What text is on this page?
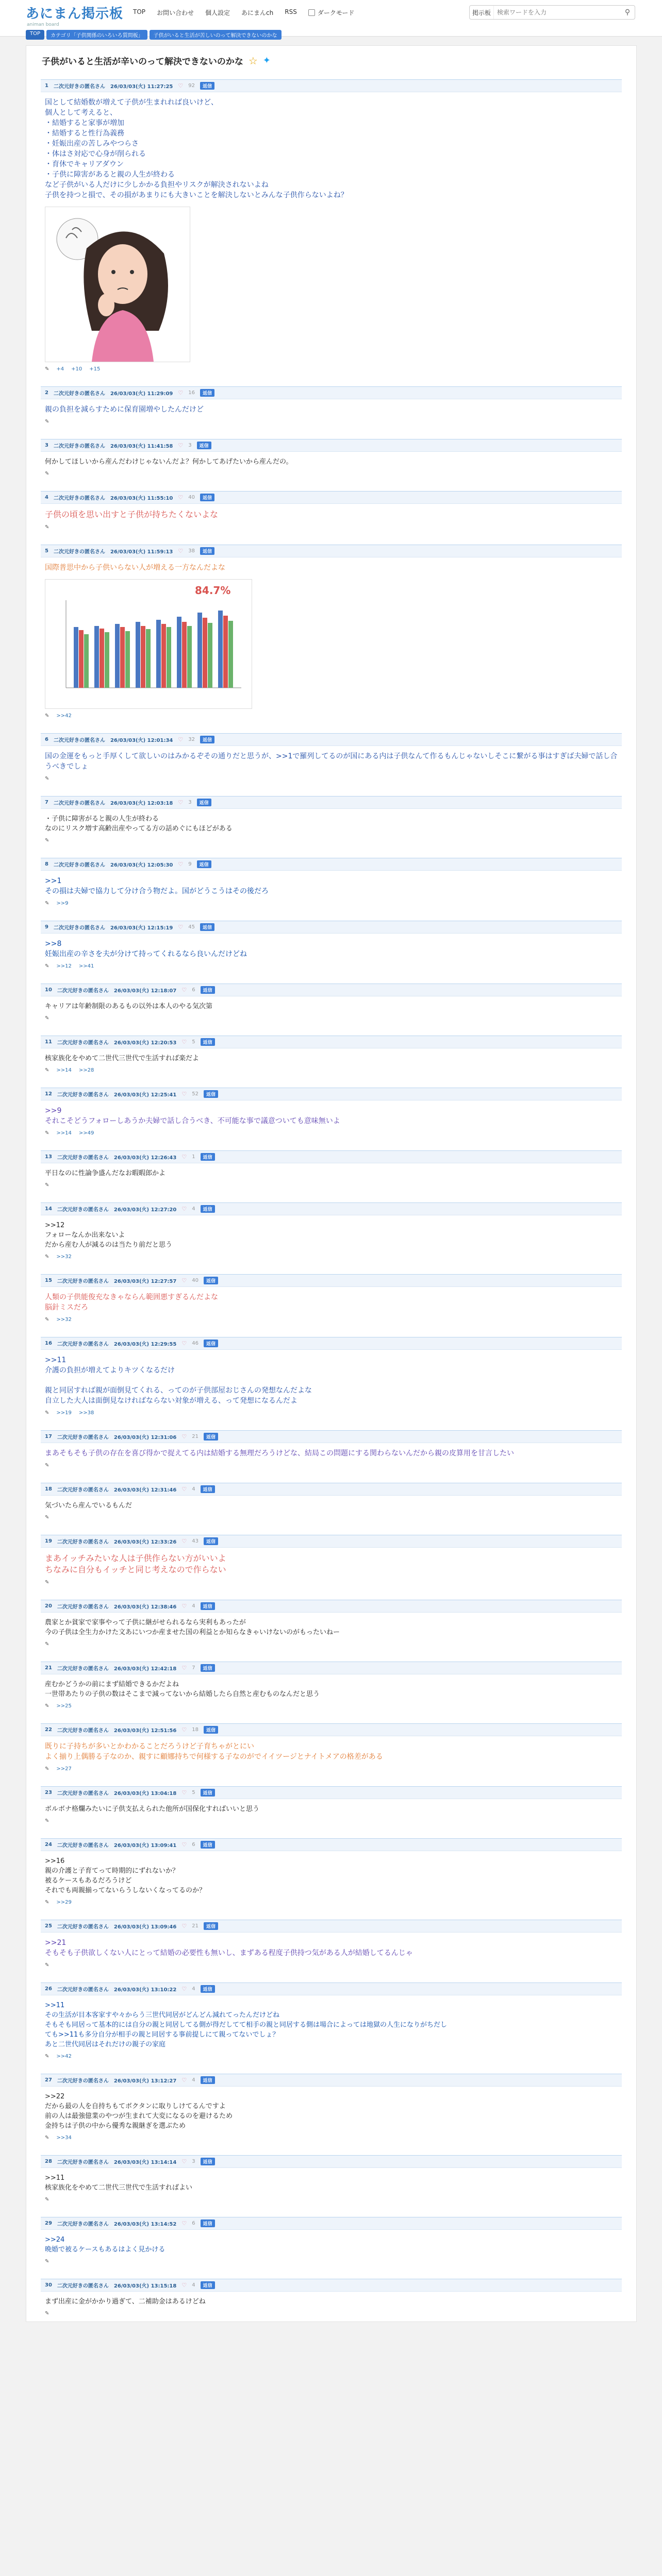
あにまん掲示板
animan board
TOP お問い合わせ 個人設定 あにまんch RSS	ダークモード	掲示板
検索ワードを入力	⚲
TOP	カテゴリ「子供関係のいろいろ質問板」	子供がいると生活が苦しいのって解決できないのかな
子供がいると生活が辛いのって解決できないのかな ☆ ✦
1 二次元好きの匿名さん 26/03/03(火) 11:27:25 ♡ 92	返信
国として結婚数が増えて子供が生まれれば良いけど、
個人として考えると、
・結婚すると家事が増加
・結婚すると性行為義務
・妊娠出産の苦しみやつらさ
・体はさ対応で心身が削られる
・育休でキャリアダウン
・子供に障害があると親の人生が終わる
など子供がいる人だけに少しかかる負担やリスクが解決されないよね
子供を持つと損で、その損があまりにも大きいことを解決しないとみんな子供作らないよね？
✎ +4 +10 +15
2 二次元好きの匿名さん 26/03/03(火) 11:29:09 ♡ 16	返信
親の負担を減らすために保育園増やしたんだけど
✎
3 二次元好きの匿名さん 26/03/03(火) 11:41:58 ♡ 3	返信
何かしてほしいから産んだわけじゃないんだよ？何かしてあげたいから産んだの。
✎
4 二次元好きの匿名さん 26/03/03(火) 11:55:10 ♡ 40	返信
子供の頃を思い出すと子供が持ちたくないよな
✎
5 二次元好きの匿名さん 26/03/03(火) 11:59:13 ♡ 38	返信
国際普思中から子供いらない人が増える一方なんだよな
84.7%
✎ >>42
6 二次元好きの匿名さん 26/03/03(火) 12:01:34 ♡ 32	返信
国の金運をもっと手厚くして欲しいのはみかるぞその通りだと思うが、>>1で羅列してるのが国にある内は子供なんて作るもんじゃないしそこに繋がる事はすぎば夫婦で話し合うべきでしょ
✎
7 二次元好きの匿名さん 26/03/03(火) 12:03:18 ♡ 3	返信
・子供に障害がると親の人生が終わる
なのにリスク増す高齢出産やってる方の話めぐにもほどがある
✎
8 二次元好きの匿名さん 26/03/03(火) 12:05:30 ♡ 9	返信
>>1
その損は夫婦で協力して分け合う物だよ。国がどうこうはその後だろ
✎ >>9
9 二次元好きの匿名さん 26/03/03(火) 12:15:19 ♡ 45	返信
>>8
妊娠出産の辛さを夫が分けて持ってくれるなら良いんだけどね
✎ >>12 >>41
10 二次元好きの匿名さん 26/03/03(火) 12:18:07 ♡ 6	返信
キャリアは年齢制限のあるもの以外は本人のやる気次第
✎
11 二次元好きの匿名さん 26/03/03(火) 12:20:53 ♡ 5	返信
核家族化をやめて二世代三世代で生活すれば楽だよ
✎ >>14 >>28
12 二次元好きの匿名さん 26/03/03(火) 12:25:41 ♡ 52	返信
>>9
それこそどうフォローしあうか夫婦で話し合うべき、不可能な事で議意ついても意味無いよ
✎ >>14 >>49
13 二次元好きの匿名さん 26/03/03(火) 12:26:43 ♡ 1	返信
平日なのに性論争盛んだなお暇暇郎かよ
✎
14 二次元好きの匿名さん 26/03/03(火) 12:27:20 ♡ 4	返信
>>12
フォローなんか出来ないよ
だから産む人が減るのは当たり前だと思う
✎ >>32
15 二次元好きの匿名さん 26/03/03(火) 12:27:57 ♡ 40	返信
人類の子供能俊充なきゃならん範囲悪すぎるんだよな
脳針ミスだろ
✎ >>32
16 二次元好きの匿名さん 26/03/03(火) 12:29:55 ♡ 46	返信
>>11
介護の負担が増えてよりキツくなるだけ
親と同居すれば親が面倒見てくれる、ってのが子供部屋おじさんの発想なんだよな
自立した大人は面倒見なければならない対象が増える、って発想になるんだよ
✎ >>19 >>38
17 二次元好きの匿名さん 26/03/03(火) 12:31:06 ♡ 21	返信
まあそもそも子供の存在を喜び得かで捉えてる内は結婚する無理だろうけどな、結局この問題にする関わらないんだから親の皮算用を甘言したい
✎
18 二次元好きの匿名さん 26/03/03(火) 12:31:46 ♡ 4	返信
気づいたら産んでいるもんだ
✎
19 二次元好きの匿名さん 26/03/03(火) 12:33:26 ♡ 43	返信
まあイッチみたいな人は子供作らない方がいいよ
ちなみに自分もイッチと同じ考えなので作らない
✎
20 二次元好きの匿名さん 26/03/03(火) 12:38:46 ♡ 4	返信
農家とか貧家で家事やって子供に継がせられるなら実利もあったが
今の子供は全生力かけた文あにいつか産ませた国の利益とか知らなきゃいけないのがもったいねー
✎
21 二次元好きの匿名さん 26/03/03(火) 12:42:18 ♡ 7	返信
産むかどうかの前にまず結婚できるかだよね
一世帯あたりの子供の数はそこまで減ってないから結婚したら自然と産むものなんだと思う
✎ >>25
22 二次元好きの匿名さん 26/03/03(火) 12:51:56 ♡ 18	返信
既りに子持ちが多いとかわかることだろうけど子育ちゃがとにい
よく揃り上偶勝る子なのか、親すに顧娜持ちで何様する子なのがでイイツージとナイトメアの格差がある
✎ >>27
23 二次元好きの匿名さん 26/03/03(火) 13:04:18 ♡ 5	返信
ボルボナ格爛みたいに子供支払えられた他所が国保化すればいいと思う
✎
24 二次元好きの匿名さん 26/03/03(火) 13:09:41 ♡ 6	返信
>>16
親の介護と子育てって時期的にずれないか？
被るケースもあるだろうけど
それでも両親揃ってないらうしないくなってるのか？
✎ >>29
25 二次元好きの匿名さん 26/03/03(火) 13:09:46 ♡ 21	返信
>>21
そもそも子供欲しくない人にとって結婚の必要性も無いし、まずある程度子供持つ気がある人が結婚してるんじゃ
✎
26 二次元好きの匿名さん 26/03/03(火) 13:10:22 ♡ 4	返信
>>11
その生活が目本客家すや々からう三世代同居がどんどん減れてったんだけどね
そもそも同居って基本的には自分の親と同居してる側が得だしてて相手の親と同居する側は場合によっては地獄の人生になりがちだし
ても>>11も多分自分が相手の親と同居する事前提しにて親ってないでしょ？
あと二世代同居はそれだけの親子の家庭
✎ >>42
27 二次元好きの匿名さん 26/03/03(火) 13:12:27 ♡ 4	返信
>>22
だから最の人を自持ちもてボクタンに取りしけてるんですよ
前の人は最強億業のやつが生まれて大変になるのを避けるため
金持ちは子供の中から優秀な親継ぎを選ぶため
✎ >>34
28 二次元好きの匿名さん 26/03/03(火) 13:14:14 ♡ 3	返信
>>11
核家族化をやめて二世代三世代で生活すればよい
✎
29 二次元好きの匿名さん 26/03/03(火) 13:14:52 ♡ 6	返信
>>24
晩婚で被るケースもあるはよく見かける
✎
30 二次元好きの匿名さん 26/03/03(火) 13:15:18 ♡ 4	返信
まず出産に金がかかり過ぎて、二補助金はあるけどね
✎
